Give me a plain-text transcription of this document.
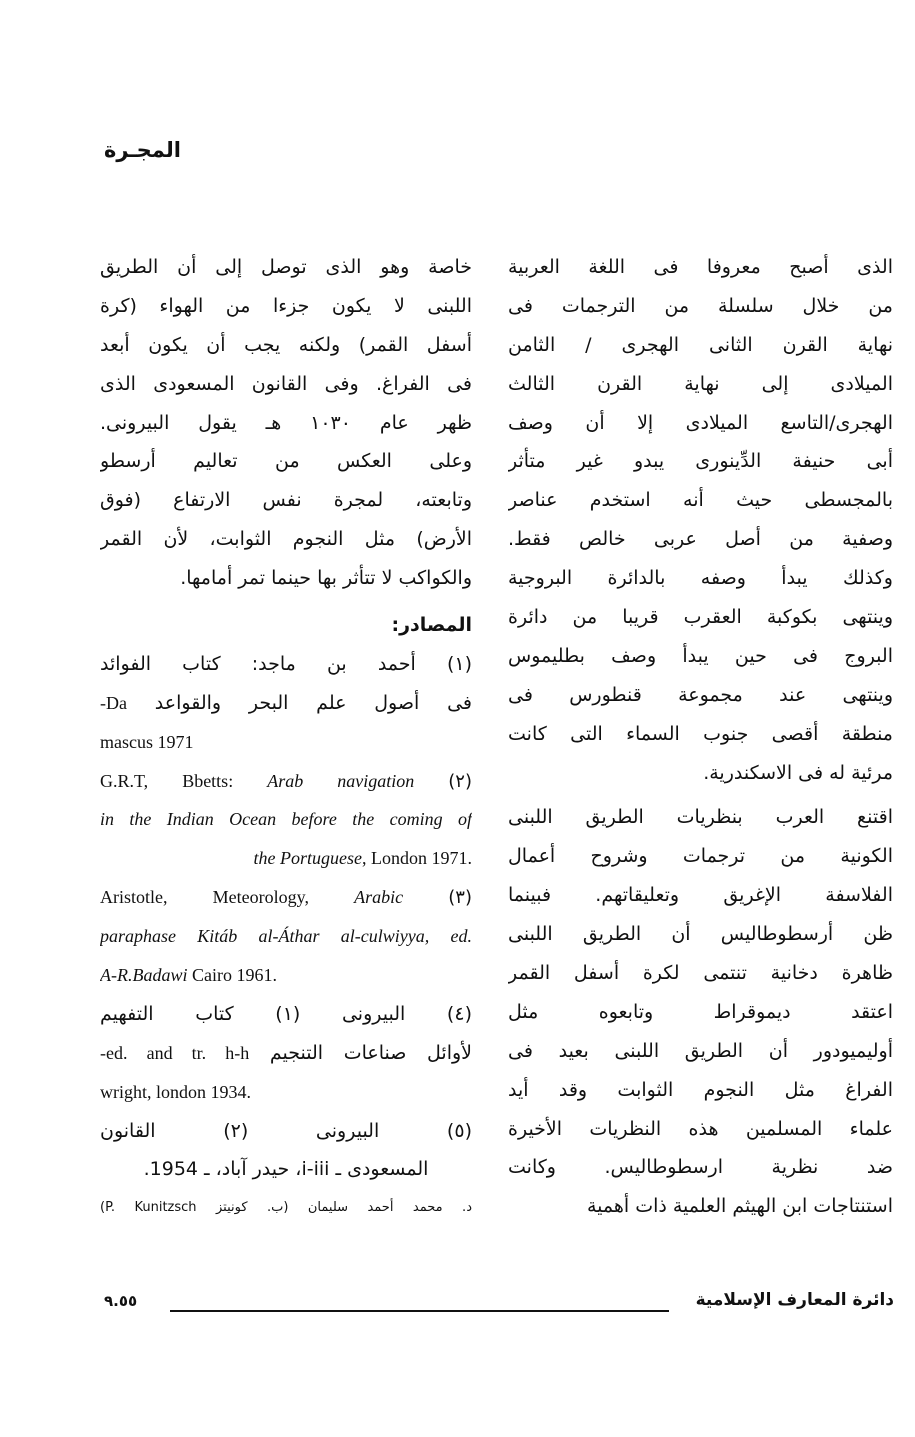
المجـرة
الذى أصبح معروفا فى اللغة العربية
من خلال سلسلة من الترجمات فى
نهاية القرن الثانى الهجرى / الثامن
الميلادى إلى نهاية القرن الثالث
الهجرى/التاسع الميلادى إلا أن وصف
أبى حنيفة الدِّينورى يبدو غير متأثر
بالمجسطى حيث أنه استخدم عناصر
وصفية من أصل عربى خالص فقط.
وكذلك يبدأ وصفه بالدائرة البروجية
وينتهى بكوكبة العقرب قريبا من دائرة
البروج فى حين يبدأ وصف بطليموس
وينتهى عند مجموعة قنطورس فى
منطقة أقصى جنوب السماء التى كانت
مرئية له فى الاسكندرية.
اقتنع العرب بنظريات الطريق اللبنى
الكونية من ترجمات وشروح أعمال
الفلاسفة الإغريق وتعليقاتهم. فبينما
ظن أرسطوطاليس أن الطريق اللبنى
ظاهرة دخانية تنتمى لكرة أسفل القمر
اعتقد ديموقراط وتابعوه مثل
أوليميودور أن الطريق اللبنى بعيد فى
الفراغ مثل النجوم الثوابت وقد أيد
علماء المسلمين هذه النظريات الأخيرة
ضد نظرية ارسطوطاليس. وكانت
استنتاجات ابن الهيثم العلمية ذات أهمية
خاصة وهو الذى توصل إلى أن الطريق
اللبنى لا يكون جزءا من الهواء (كرة
أسفل القمر) ولكنه يجب أن يكون أبعد
فى الفراغ. وفى القانون المسعودى الذى
ظهر عام ١٠٣٠ هـ يقول البيرونى.
وعلى العكس من تعاليم أرسطو
وتابعته، لمجرة نفس الارتفاع (فوق
الأرض) مثل النجوم الثوابت، لأن القمر
والكواكب لا تتأثر بها حينما تمر أمامها.
المصادر:
(١) أحمد بن ماجد: كتاب الفوائد
فى أصول علم البحر والقواعد Da-
mascus 1971
G.R.T, Bbetts: Arab navigation (٢)
in the Indian Ocean before the coming of
the Portuguese, London 1971.
Aristotle, Meteorology, Arabic	(٣)
paraphase Kitáb al-Áthar al-culwiyya, ed.
A-R.Badawi Cairo 1961.
(٤) البيرونى (١) كتاب التفهيم
لأوائل صناعات التنجيم ed. and tr. h-h-
wright, london 1934.
(٥) البيرونى (٢) القانون
المسعودى ـ i-iii، حيدر آباد، ـ 1954.
د. محمد أحمد سليمان (ب. كونيتز P. Kunitzsch)
دائرة المعارف الإسلامية
٩.٥٥
